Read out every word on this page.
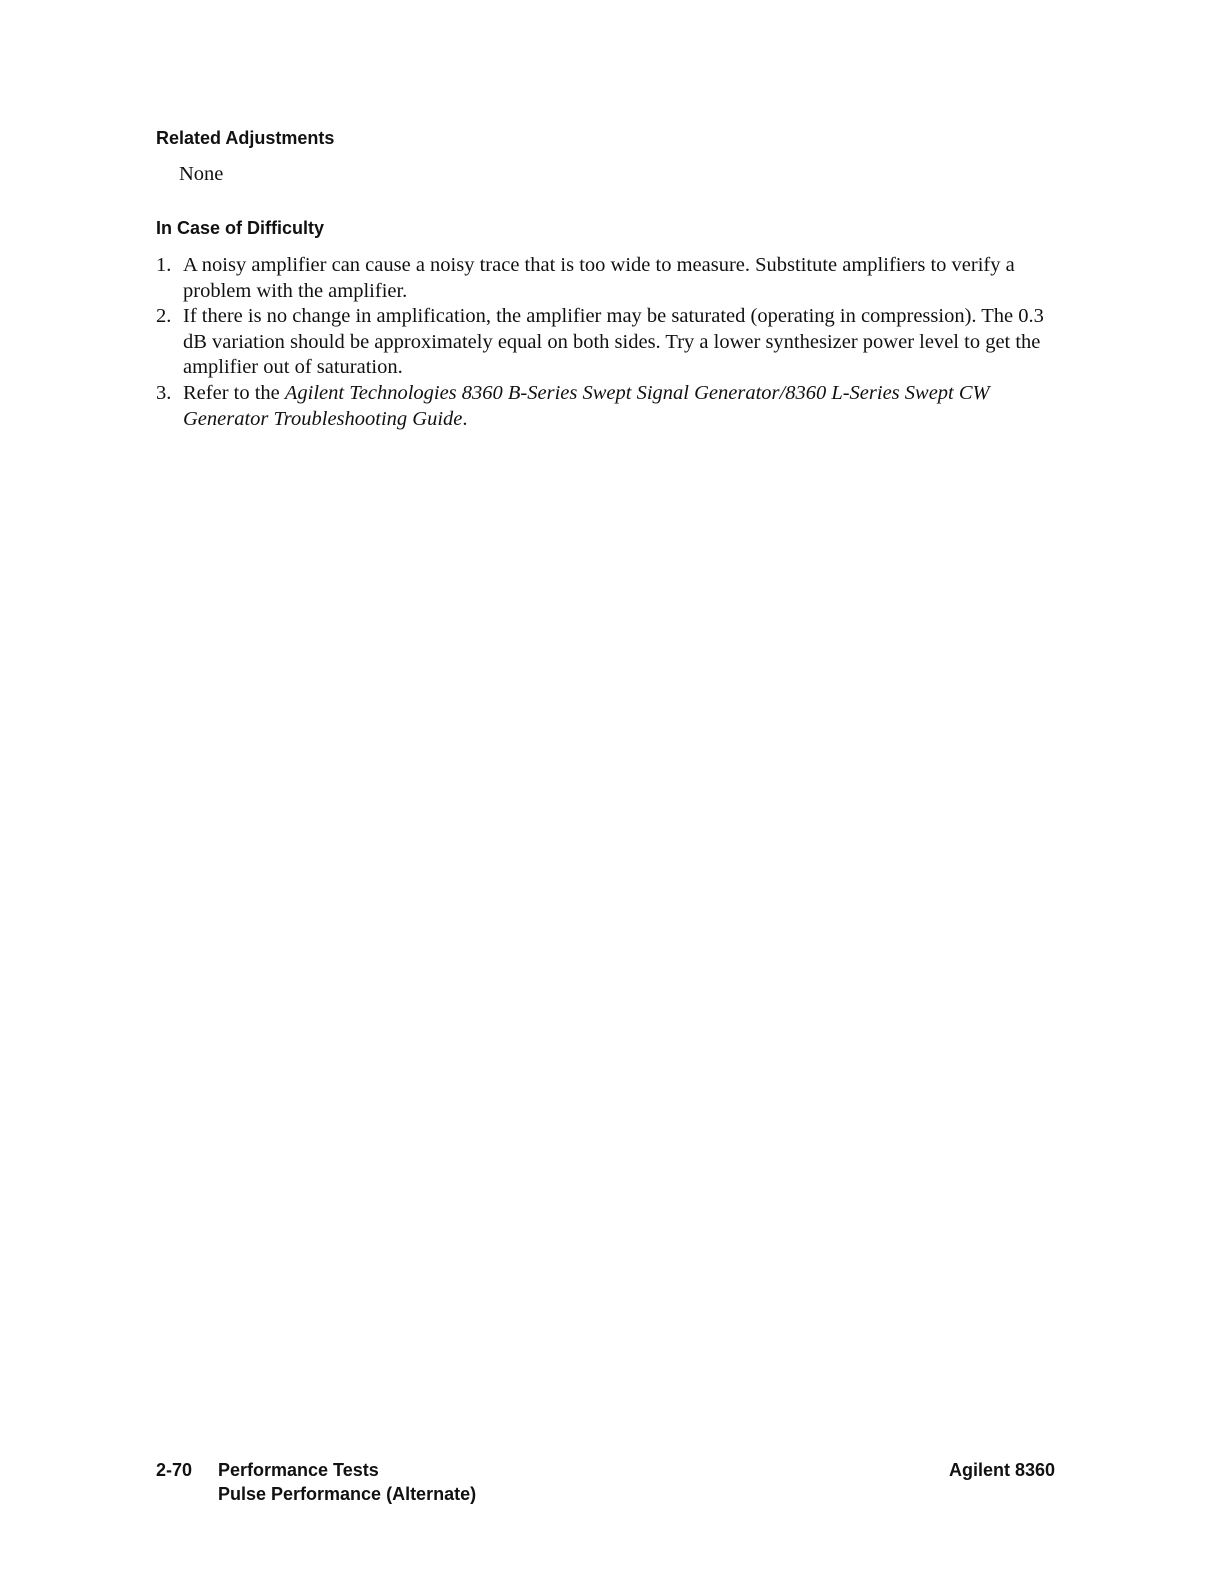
Related Adjustments

None

In Case of Difficulty
1. A noisy amplifier can cause a noisy trace that is too wide to measure. Substitute amplifiers to verify a problem with the amplifier.
2. If there is no change in amplification, the amplifier may be saturated (operating in compression). The 0.3 dB variation should be approximately equal on both sides. Try a lower synthesizer power level to get the amplifier out of saturation.
3. Refer to the Agilent Technologies 8360 B-Series Swept Signal Generator/8360 L-Series Swept CW Generator Troubleshooting Guide.
2-70 Performance Tests
Pulse Performance (Alternate)
Agilent 8360
